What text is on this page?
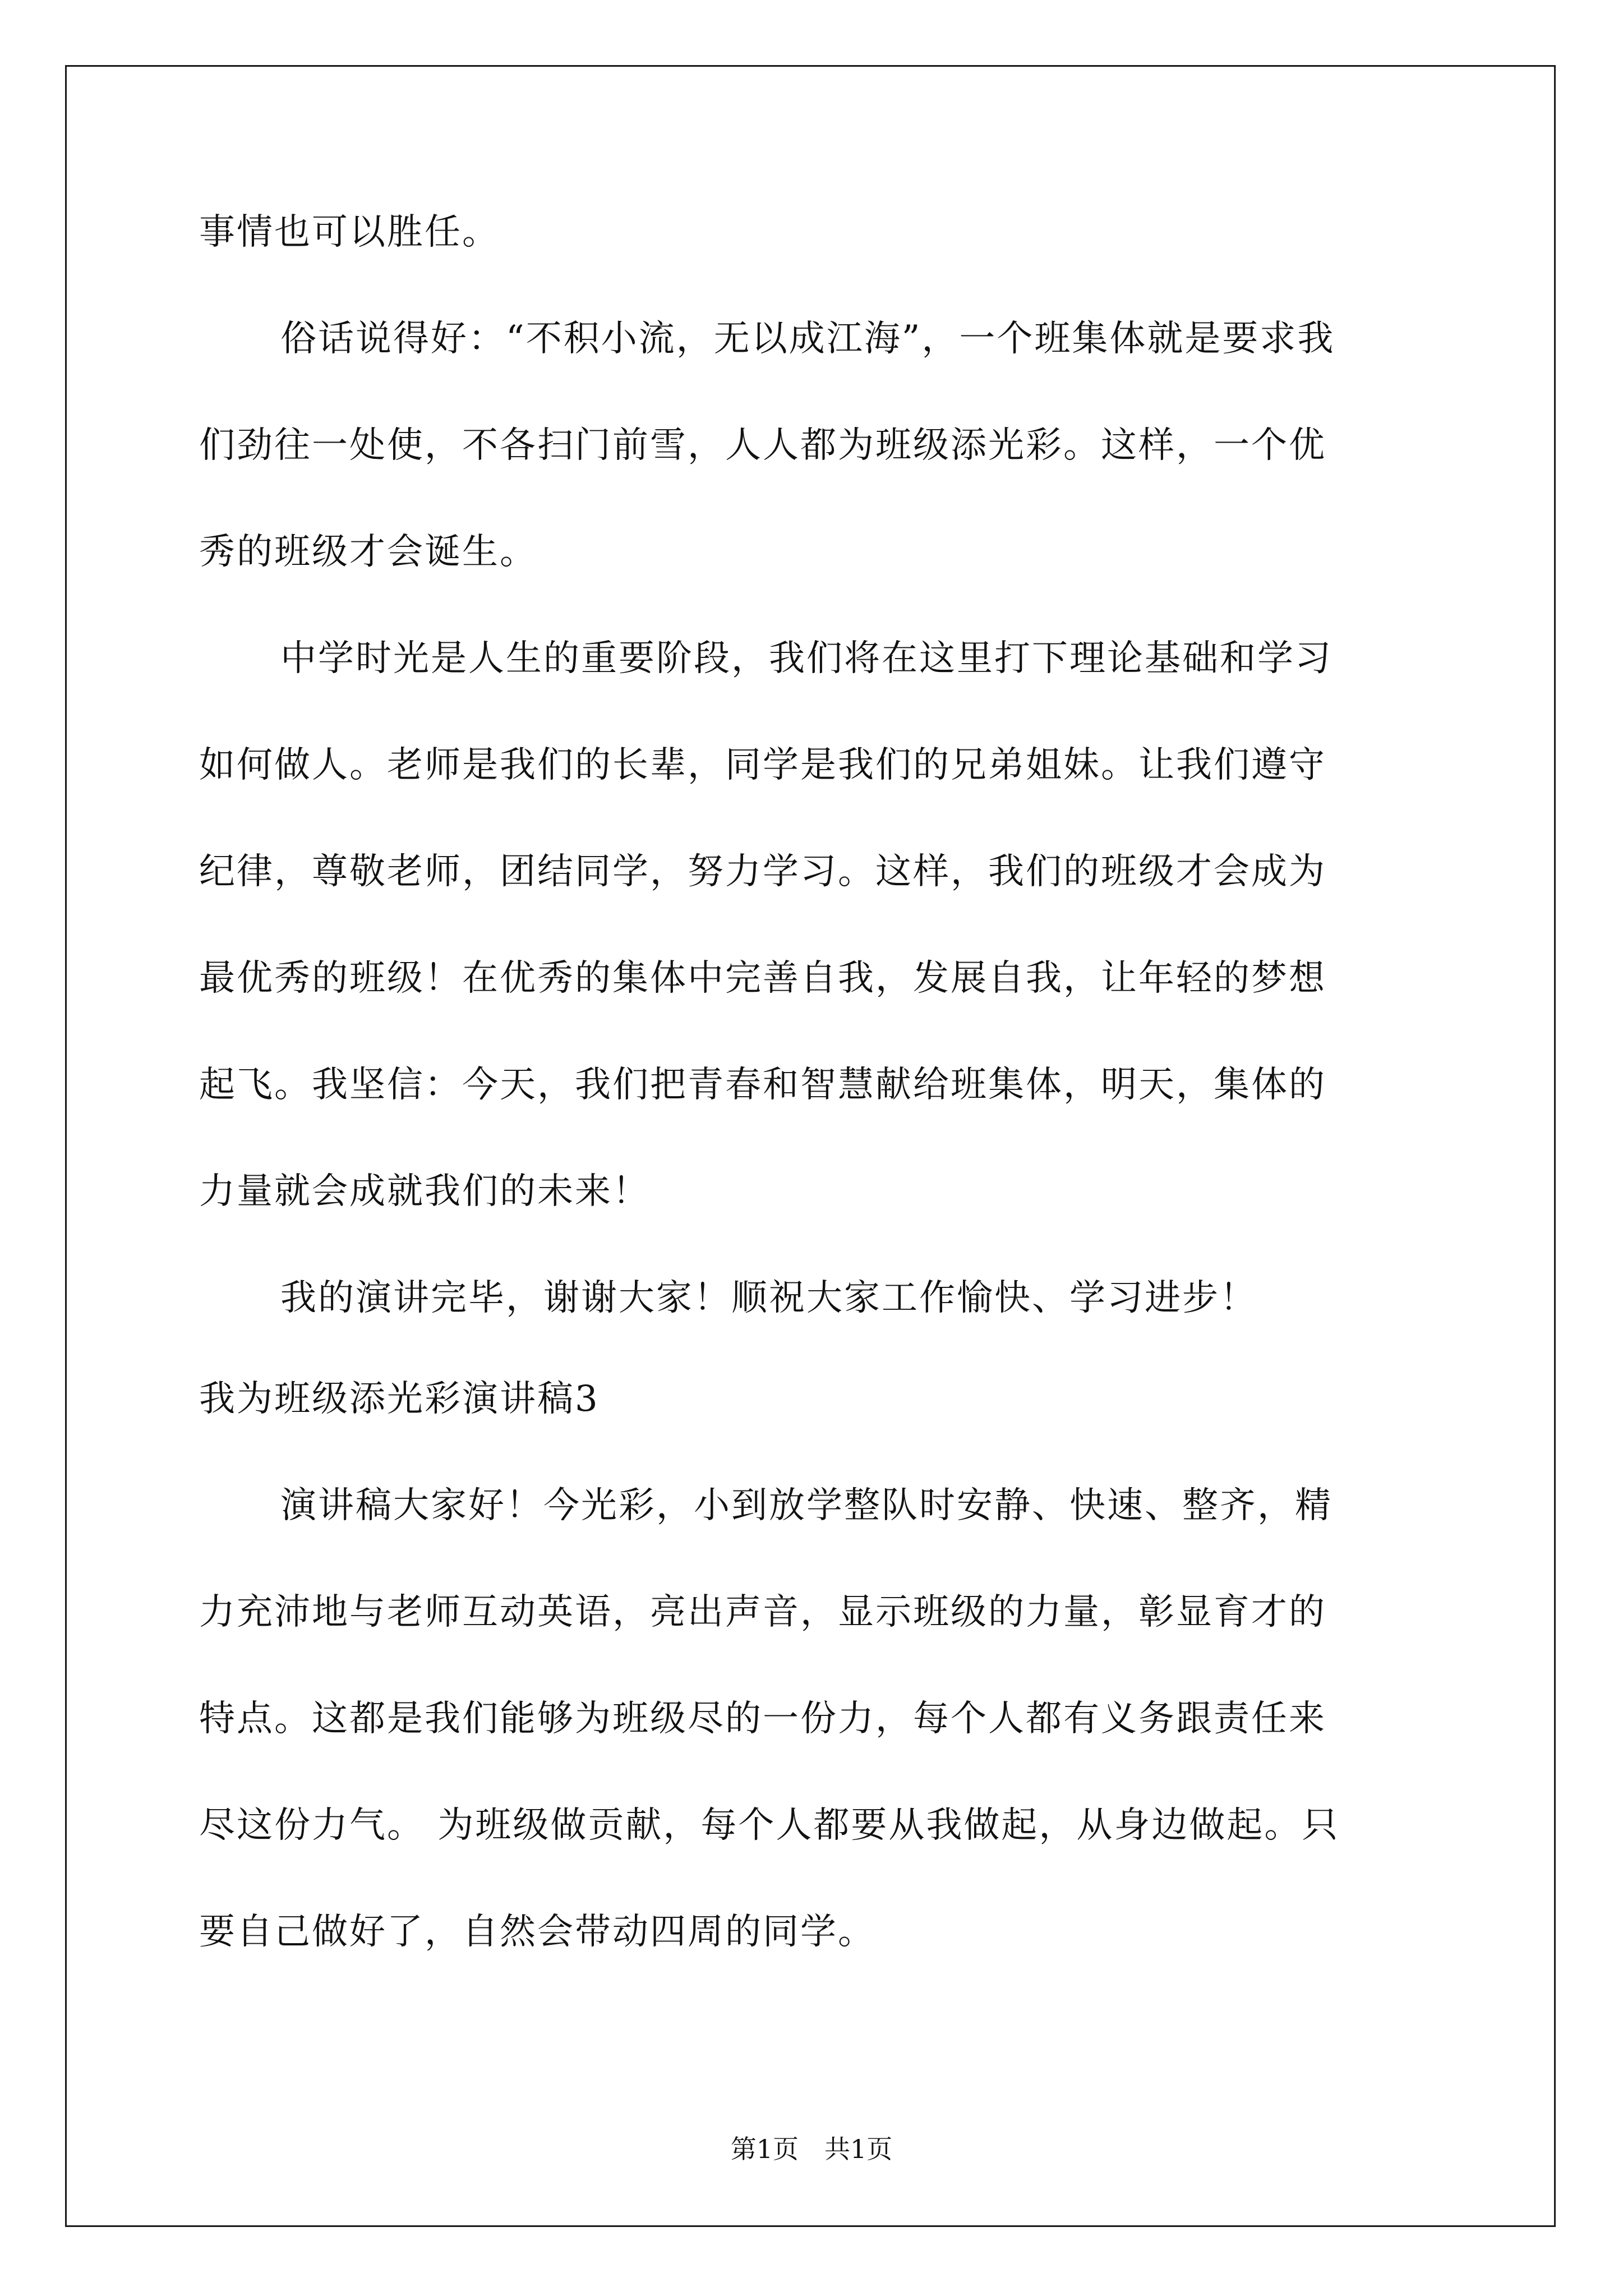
事情也可以胜任。
俗话说得好：“不积小流，无以成江海”，一个班集体就是要求我
们劲往一处使，不各扫门前雪，人人都为班级添光彩。这样，一个优
秀的班级才会诞生。
中学时光是人生的重要阶段，我们将在这里打下理论基础和学习
如何做人。老师是我们的长辈，同学是我们的兄弟姐妹。让我们遵守
纪律，尊敬老师，团结同学，努力学习。这样，我们的班级才会成为
最优秀的班级！在优秀的集体中完善自我，发展自我，让年轻的梦想
起飞。我坚信：今天，我们把青春和智慧献给班集体，明天，集体的
力量就会成就我们的未来！
我的演讲完毕，谢谢大家！顺祝大家工作愉快、学习进步！
我为班级添光彩演讲稿3
演讲稿大家好！今光彩，小到放学整队时安静、快速、整齐，精
力充沛地与老师互动英语，亮出声音，显示班级的力量，彰显育才的
特点。这都是我们能够为班级尽的一份力，每个人都有义务跟责任来
尽这份力气。 为班级做贡献，每个人都要从我做起，从身边做起。只
要自己做好了，自然会带动四周的同学。
第1页　共1页
